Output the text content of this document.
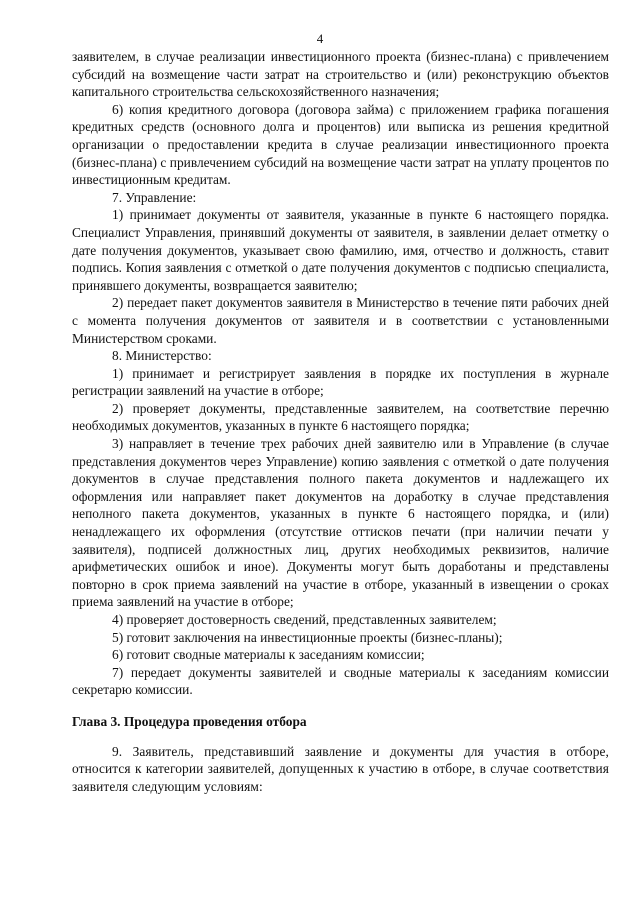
4

заявителем, в случае реализации инвестиционного проекта (бизнес-плана) с привлечением субсидий на возмещение части затрат на строительство и (или) реконструкцию объектов капитального строительства сельскохозяйственного назначения;

6) копия кредитного договора (договора займа) с приложением графика погашения кредитных средств (основного долга и процентов) или выписка из решения кредитной организации о предоставлении кредита в случае реализации инвестиционного проекта (бизнес-плана) с привлечением субсидий на возмещение части затрат на уплату процентов по инвестиционным кредитам.

7. Управление:

1) принимает документы от заявителя, указанные в пункте 6 настоящего порядка. Специалист Управления, принявший документы от заявителя, в заявлении делает отметку о дате получения документов, указывает свою фамилию, имя, отчество и должность, ставит подпись. Копия заявления с отметкой о дате получения документов с подписью специалиста, принявшего документы, возвращается заявителю;

2) передает пакет документов заявителя в Министерство в течение пяти рабочих дней с момента получения документов от заявителя и в соответствии с установленными Министерством сроками.

8. Министерство:

1) принимает и регистрирует заявления в порядке их поступления в журнале регистрации заявлений на участие в отборе;

2) проверяет документы, представленные заявителем, на соответствие перечню необходимых документов, указанных в пункте 6 настоящего порядка;

3) направляет в течение трех рабочих дней заявителю или в Управление (в случае представления документов через Управление) копию заявления с отметкой о дате получения документов в случае представления полного пакета документов и надлежащего их оформления или направляет пакет документов на доработку в случае представления неполного пакета документов, указанных в пункте 6 настоящего порядка, и (или) ненадлежащего их оформления (отсутствие оттисков печати (при наличии печати у заявителя), подписей должностных лиц, других необходимых реквизитов, наличие арифметических ошибок и иное). Документы могут быть доработаны и представлены повторно в срок приема заявлений на участие в отборе, указанный в извещении о сроках приема заявлений на участие в отборе;

4) проверяет достоверность сведений, представленных заявителем;

5) готовит заключения на инвестиционные проекты (бизнес-планы);

6) готовит сводные материалы к заседаниям комиссии;

7) передает документы заявителей и сводные материалы к заседаниям комиссии секретарю комиссии.

Глава 3. Процедура проведения отбора

9. Заявитель, представивший заявление и документы для участия в отборе, относится к категории заявителей, допущенных к участию в отборе, в случае соответствия заявителя следующим условиям:
